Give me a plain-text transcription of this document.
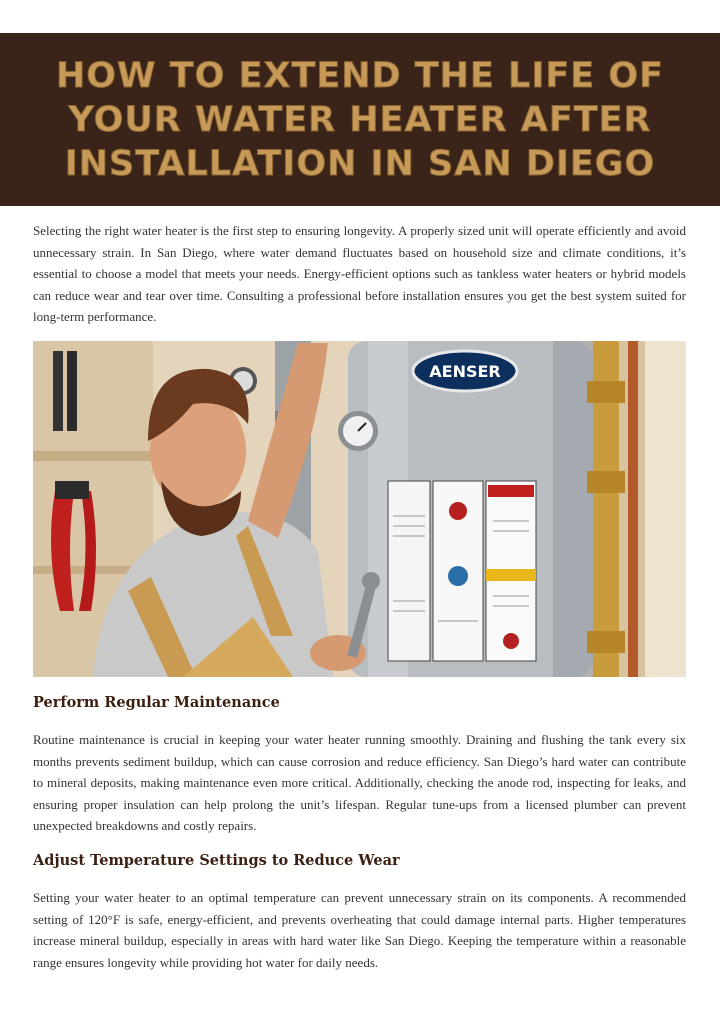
HOW TO EXTEND THE LIFE OF YOUR WATER HEATER AFTER INSTALLATION IN SAN DIEGO

Selecting the right water heater is the first step to ensuring longevity. A properly sized unit will operate efficiently and avoid unnecessary strain. In San Diego, where water demand fluctuates based on household size and climate conditions, it’s essential to choose a model that meets your needs. Energy-efficient options such as tankless water heaters or hybrid models can reduce wear and tear over time. Consulting a professional before installation ensures you get the best system suited for long-term performance.

AENSER
Perform Regular Maintenance

Routine maintenance is crucial in keeping your water heater running smoothly. Draining and flushing the tank every six months prevents sediment buildup, which can cause corrosion and reduce efficiency. San Diego’s hard water can contribute to mineral deposits, making maintenance even more critical. Additionally, checking the anode rod, inspecting for leaks, and ensuring proper insulation can help prolong the unit’s lifespan. Regular tune-ups from a licensed plumber can prevent unexpected breakdowns and costly repairs.

Adjust Temperature Settings to Reduce Wear

Setting your water heater to an optimal temperature can prevent unnecessary strain on its components. A recommended setting of 120°F is safe, energy-efficient, and prevents overheating that could damage internal parts. Higher temperatures increase mineral buildup, especially in areas with hard water like San Diego. Keeping the temperature within a reasonable range ensures longevity while providing hot water for daily needs.
